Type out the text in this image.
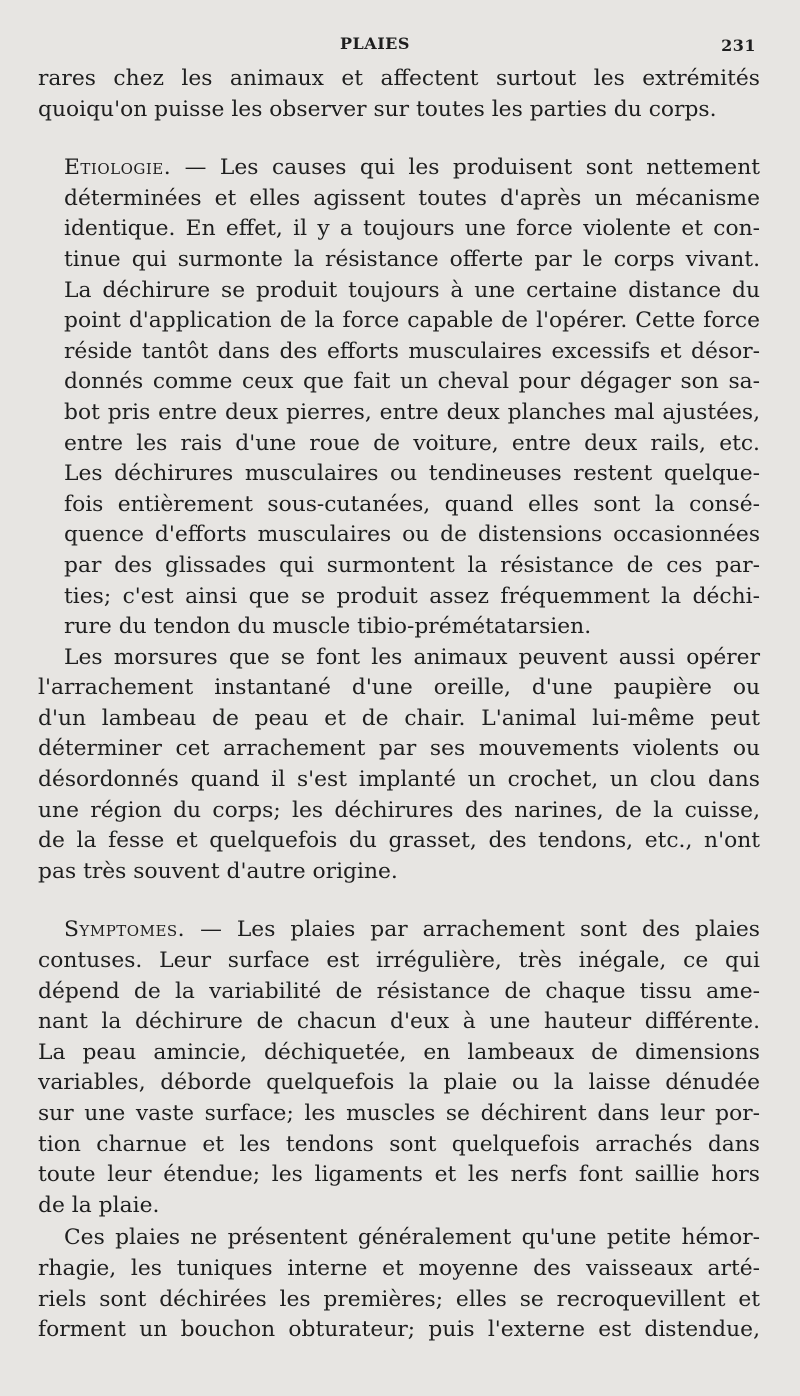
PLAIES	231

rares chez les animaux et affectent surtout les extrémités
quoiqu'on puisse les observer sur toutes les parties du corps.

Etiologie. — Les causes qui les produisent sont nettement
déterminées et elles agissent toutes d'après un mécanisme
identique. En effet, il y a toujours une force violente et con-
tinue qui surmonte la résistance offerte par le corps vivant.
La déchirure se produit toujours à une certaine distance du
point d'application de la force capable de l'opérer. Cette force
réside tantôt dans des efforts musculaires excessifs et désor-
donnés comme ceux que fait un cheval pour dégager son sa-
bot pris entre deux pierres, entre deux planches mal ajustées,
entre les rais d'une roue de voiture, entre deux rails, etc.
Les déchirures musculaires ou tendineuses restent quelque-
fois entièrement sous-cutanées, quand elles sont la consé-
quence d'efforts musculaires ou de distensions occasionnées
par des glissades qui surmontent la résistance de ces par-
ties; c'est ainsi que se produit assez fréquemment la déchi-
rure du tendon du muscle tibio-prémétatarsien.

Les morsures que se font les animaux peuvent aussi opérer
l'arrachement instantané d'une oreille, d'une paupière ou
d'un lambeau de peau et de chair. L'animal lui-même peut
déterminer cet arrachement par ses mouvements violents ou
désordonnés quand il s'est implanté un crochet, un clou dans
une région du corps; les déchirures des narines, de la cuisse,
de la fesse et quelquefois du grasset, des tendons, etc., n'ont
pas très souvent d'autre origine.

Symptomes. — Les plaies par arrachement sont des plaies
contuses. Leur surface est irrégulière, très inégale, ce qui
dépend de la variabilité de résistance de chaque tissu ame-
nant la déchirure de chacun d'eux à une hauteur différente.
La peau amincie, déchiquetée, en lambeaux de dimensions
variables, déborde quelquefois la plaie ou la laisse dénudée
sur une vaste surface; les muscles se déchirent dans leur por-
tion charnue et les tendons sont quelquefois arrachés dans
toute leur étendue; les ligaments et les nerfs font saillie hors
de la plaie.

Ces plaies ne présentent généralement qu'une petite hémor-
rhagie, les tuniques interne et moyenne des vaisseaux arté-
riels sont déchirées les premières; elles se recroquevillent et
forment un bouchon obturateur; puis l'externe est distendue,
